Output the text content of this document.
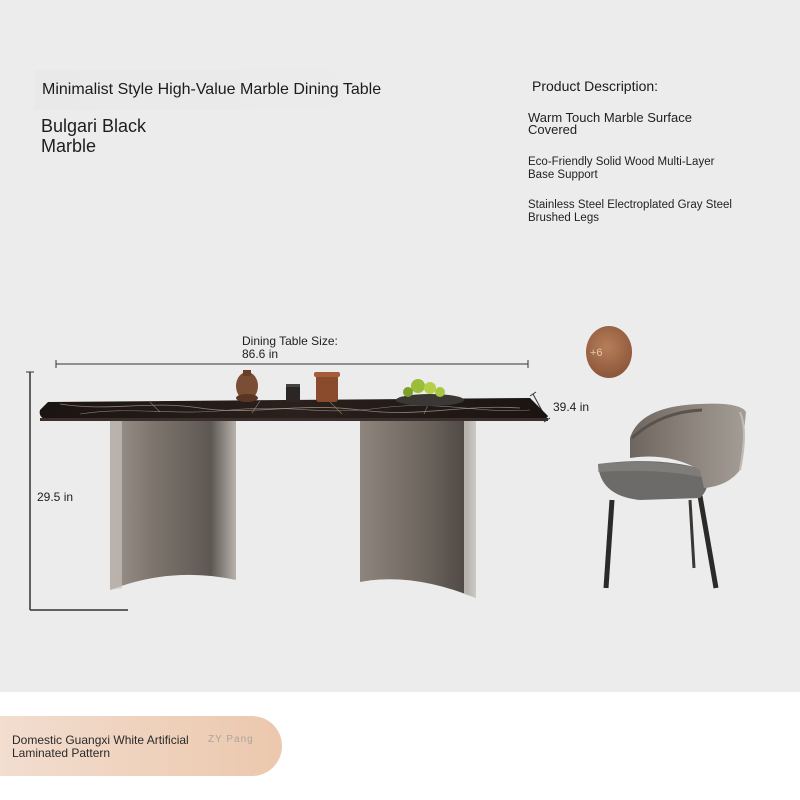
Minimalist Style High-Value Marble Dining Table
Bulgari Black
Marble
Product Description:
Warm Touch Marble Surface
Covered
Eco-Friendly Solid Wood Multi-Layer
Base Support
Stainless Steel Electroplated Gray Steel
Brushed Legs
Dining Table Size:
86.6 in
39.4 in
29.5 in
+6
Domestic Guangxi White Artificial
Laminated Pattern
ZY Pang
